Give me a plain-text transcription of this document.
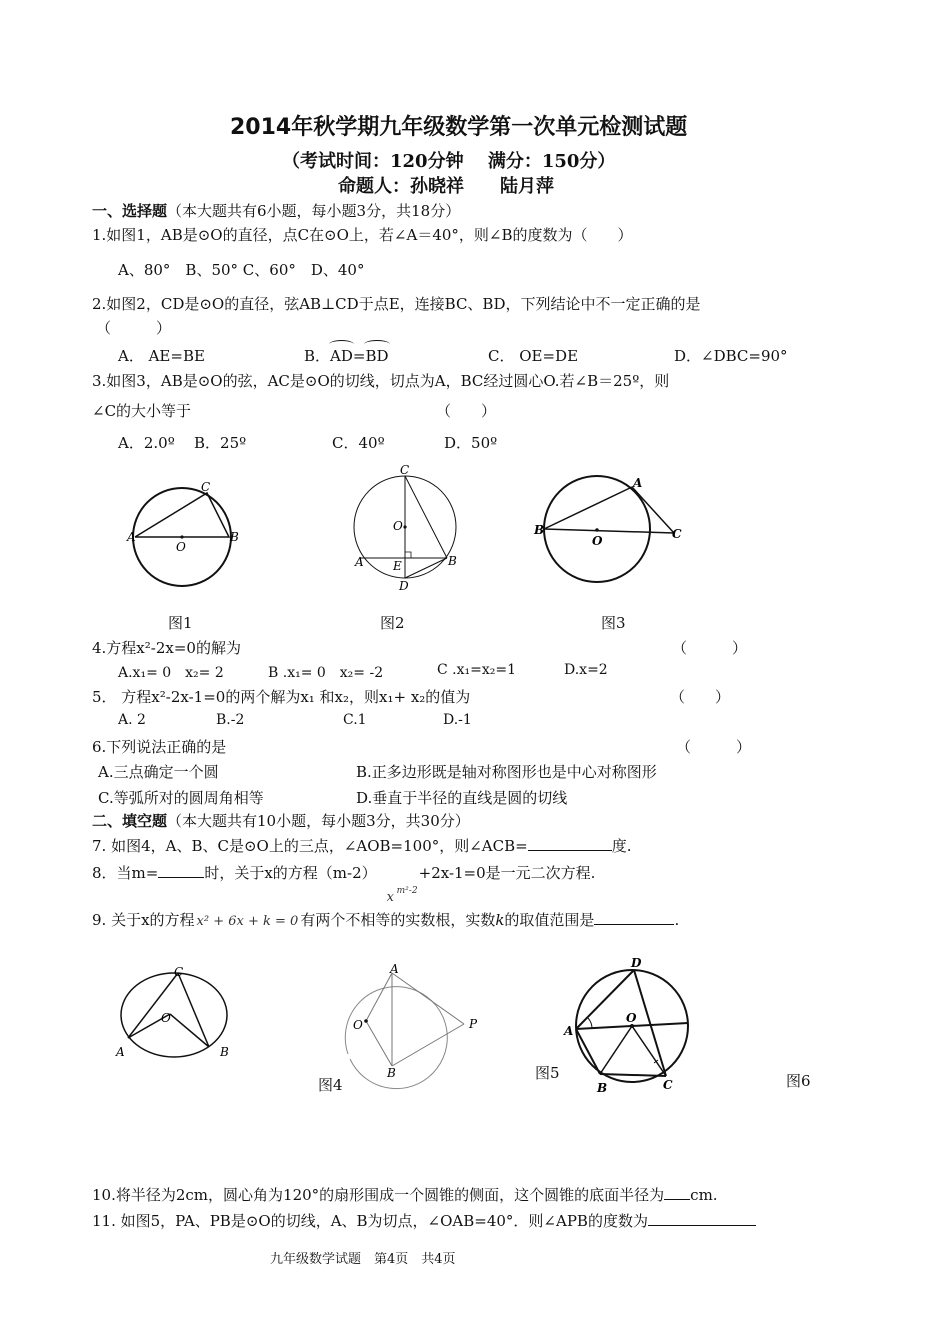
2014年秋学期九年级数学第一次单元检测试题
（考试时间：120分钟　 满分：150分）
命题人：孙晓祥　　陆月萍
一、选择题（本大题共有6小题，每小题3分，共18分）
1.如图1，AB是⊙O的直径，点C在⊙O上，若∠A＝40°，则∠B的度数为（　　）
A、80°　B、50° C、60°　D、40°
2.如图2，CD是⊙O的直径，弦AB⊥CD于点E，连接BC、BD，下列结论中不一定正确的是
（　　　）
A． AE=BE	B．AD=BD	C． OE=DE	D．∠DBC=90°
3.如图3，AB是⊙O的弦，AC是⊙O的切线，切点为A，BC经过圆心O.若∠B＝25º，则
∠C的大小等于	（　　）
A．2.0º B．25º	C．40º	D．50º
A	B
C
O
图1
C
O
A	B
E
D
图2
B
A
C
O
图3
4.方程x²-2x=0的解为	（　　　）
A.x₁= 0　x₂= 2	B .x₁= 0　x₂= -2	C .x₁=x₂=1	D.x=2
5． 方程x²-2x-1=0的两个解为x₁ 和x₂，则x₁+ x₂的值为	（　　）
A. 2	B.-2	C.1	D.-1
6.下列说法正确的是	（　　　）
A.三点确定一个圆	B.正多边形既是轴对称图形也是中心对称图形
C.等弧所对的圆周角相等	D.垂直于半径的直线是圆的切线
二、填空题（本大题共有10小题，每小题3分，共30分）
7. 如图4，A、B、C是⊙O上的三点，∠AOB=100°，则∠ACB=	度.
8．当m=	时，关于x的方程（m-2）
x m²-2
+2x-1=0是一元二次方程.
9. 关于x的方程 x² + 6x + k = 0 有两个不相等的实数根，实数k的取值范围是	.
C
O
A	B
A
O	P
B
图4
图5
D
O
A
B	C	图6
10.将半径为2cm，圆心角为120°的扇形围成一个圆锥的侧面，这个圆锥的底面半径为 cm.
11. 如图5，PA、PB是⊙O的切线，A、B为切点，∠OAB=40°．则∠APB的度数为
九年级数学试题　第4页　共4页
